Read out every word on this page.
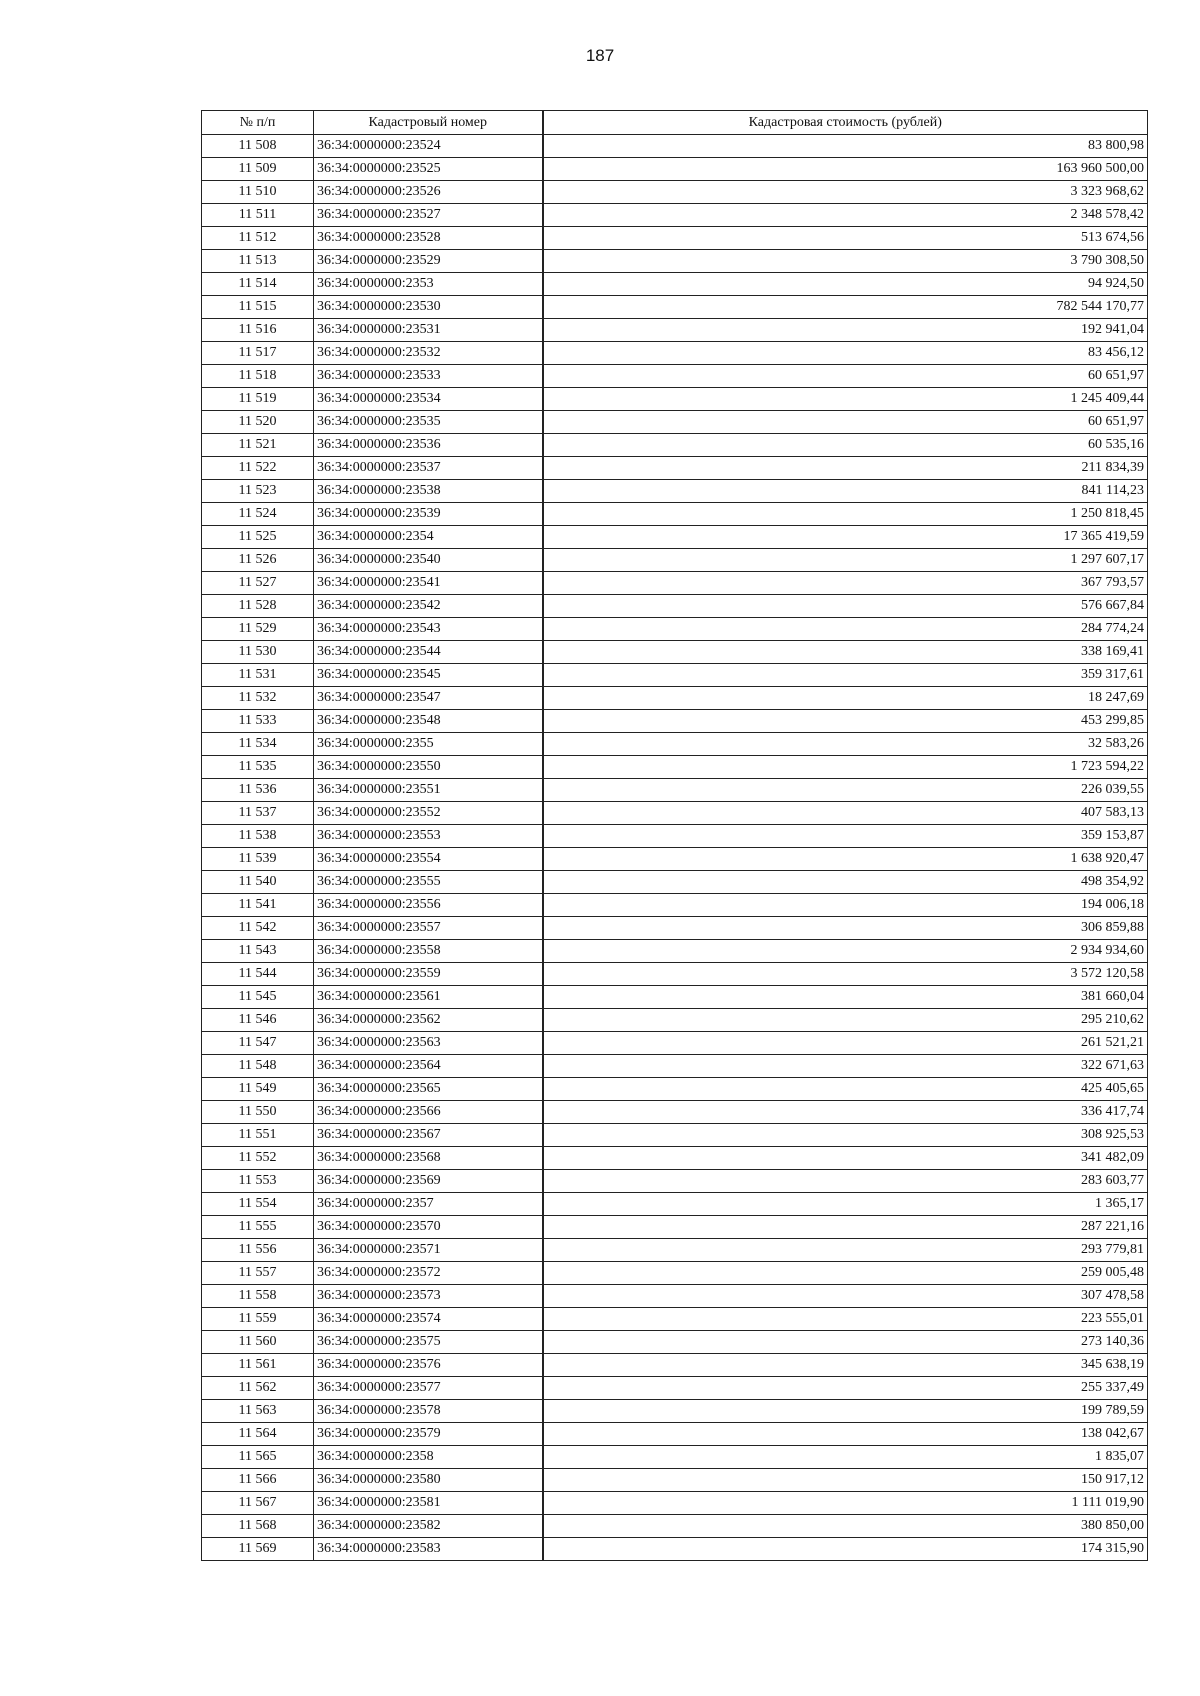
187
№ п/п	Кадастровый номер	Кадастровая стоимость (рублей)
11 508	36:34:0000000:23524	83 800,98
11 509	36:34:0000000:23525	163 960 500,00
11 510	36:34:0000000:23526	3 323 968,62
11 511	36:34:0000000:23527	2 348 578,42
11 512	36:34:0000000:23528	513 674,56
11 513	36:34:0000000:23529	3 790 308,50
11 514	36:34:0000000:2353	94 924,50
11 515	36:34:0000000:23530	782 544 170,77
11 516	36:34:0000000:23531	192 941,04
11 517	36:34:0000000:23532	83 456,12
11 518	36:34:0000000:23533	60 651,97
11 519	36:34:0000000:23534	1 245 409,44
11 520	36:34:0000000:23535	60 651,97
11 521	36:34:0000000:23536	60 535,16
11 522	36:34:0000000:23537	211 834,39
11 523	36:34:0000000:23538	841 114,23
11 524	36:34:0000000:23539	1 250 818,45
11 525	36:34:0000000:2354	17 365 419,59
11 526	36:34:0000000:23540	1 297 607,17
11 527	36:34:0000000:23541	367 793,57
11 528	36:34:0000000:23542	576 667,84
11 529	36:34:0000000:23543	284 774,24
11 530	36:34:0000000:23544	338 169,41
11 531	36:34:0000000:23545	359 317,61
11 532	36:34:0000000:23547	18 247,69
11 533	36:34:0000000:23548	453 299,85
11 534	36:34:0000000:2355	32 583,26
11 535	36:34:0000000:23550	1 723 594,22
11 536	36:34:0000000:23551	226 039,55
11 537	36:34:0000000:23552	407 583,13
11 538	36:34:0000000:23553	359 153,87
11 539	36:34:0000000:23554	1 638 920,47
11 540	36:34:0000000:23555	498 354,92
11 541	36:34:0000000:23556	194 006,18
11 542	36:34:0000000:23557	306 859,88
11 543	36:34:0000000:23558	2 934 934,60
11 544	36:34:0000000:23559	3 572 120,58
11 545	36:34:0000000:23561	381 660,04
11 546	36:34:0000000:23562	295 210,62
11 547	36:34:0000000:23563	261 521,21
11 548	36:34:0000000:23564	322 671,63
11 549	36:34:0000000:23565	425 405,65
11 550	36:34:0000000:23566	336 417,74
11 551	36:34:0000000:23567	308 925,53
11 552	36:34:0000000:23568	341 482,09
11 553	36:34:0000000:23569	283 603,77
11 554	36:34:0000000:2357	1 365,17
11 555	36:34:0000000:23570	287 221,16
11 556	36:34:0000000:23571	293 779,81
11 557	36:34:0000000:23572	259 005,48
11 558	36:34:0000000:23573	307 478,58
11 559	36:34:0000000:23574	223 555,01
11 560	36:34:0000000:23575	273 140,36
11 561	36:34:0000000:23576	345 638,19
11 562	36:34:0000000:23577	255 337,49
11 563	36:34:0000000:23578	199 789,59
11 564	36:34:0000000:23579	138 042,67
11 565	36:34:0000000:2358	1 835,07
11 566	36:34:0000000:23580	150 917,12
11 567	36:34:0000000:23581	1 111 019,90
11 568	36:34:0000000:23582	380 850,00
11 569	36:34:0000000:23583	174 315,90
